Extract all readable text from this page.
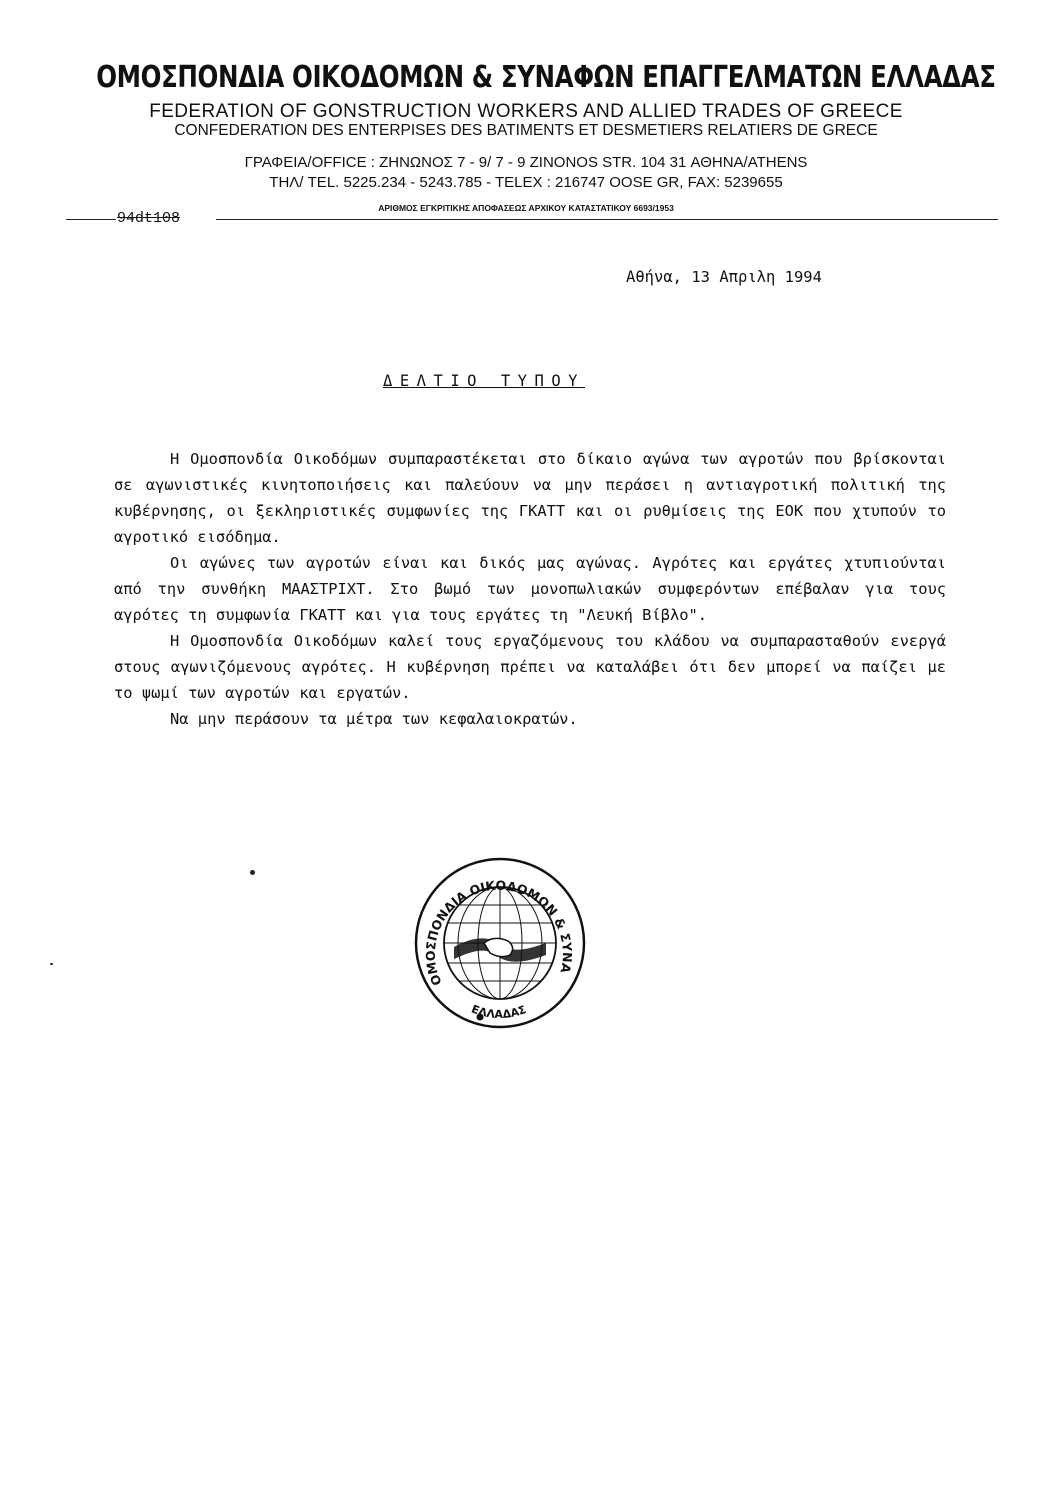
ΟΜΟΣΠΟΝΔΙΑ ΟΙΚΟΔΟΜΩΝ & ΣΥΝΑΦΩΝ ΕΠΑΓΓΕΛΜΑΤΩΝ ΕΛΛΑΔΑΣ
FEDERATION OF GONSTRUCTION WORKERS AND ALLIED TRADES OF GREECE
CONFEDERATION DES ENTERPISES DES BATIMENTS ET DESMETIERS RELATIERS DE GRECE
ΓΡΑΦΕΙΑ/OFFICE : ΖΗΝΩΝΟΣ 7 - 9/ 7 - 9 ZINONOS STR. 104 31 ΑΘΗΝΑ/ATHENS
ΤΗΛ/ TEL. 5225.234 - 5243.785 - TELEX : 216747 OOSE GR, FAX: 5239655
ΑΡΙΘΜΟΣ ΕΓΚΡΙΤΙΚΗΣ ΑΠΟΦΑΣΕΩΣ ΑΡΧΙΚΟΥ ΚΑΤΑΣΤΑΤΙΚΟΥ 6693/1953
94dt108
Αθήνα, 13 Απριλη 1994
ΔΕΛΤΙΟ ΤΥΠΟΥ

Η Ομοσπονδία Οικοδόμων συμπαραστέκεται στο δίκαιο αγώνα των αγροτών που βρίσκονται σε αγωνιστικές κινητοποιήσεις και παλεύουν να μην περάσει η αντιαγροτική πολιτική της κυβέρνησης, οι ξεκληριστικές συμφωνίες της ΓΚΑΤΤ και οι ρυθμίσεις της ΕΟΚ που χτυπούν το αγροτικό εισόδημα.

Οι αγώνες των αγροτών είναι και δικός μας αγώνας. Αγρότες και εργάτες χτυπιούνται από την συνθήκη ΜΑΑΣΤΡΙΧΤ. Στο βωμό των μονοπωλιακών συμφερόντων επέβαλαν για τους αγρότες τη συμφωνία ΓΚΑΤΤ και για τους εργάτες τη "Λευκή Βίβλο".

Η Ομοσπονδία Οικοδόμων καλεί τους εργαζόμενους του κλάδου να συμπαρασταθούν ενεργά στους αγωνιζόμενους αγρότες. Η κυβέρνηση πρέπει να καταλάβει ότι δεν μπορεί να παίζει με το ψωμί των αγροτών και εργατών.

Να μην περάσουν τα μέτρα των κεφαλαιοκρατών.

ΟΜΟΣΠΟΝΔΙΑ ΟΙΚΟΔΟΜΩΝ & ΣΥΝΑ
ΕΛΛΑΔΑΣ
